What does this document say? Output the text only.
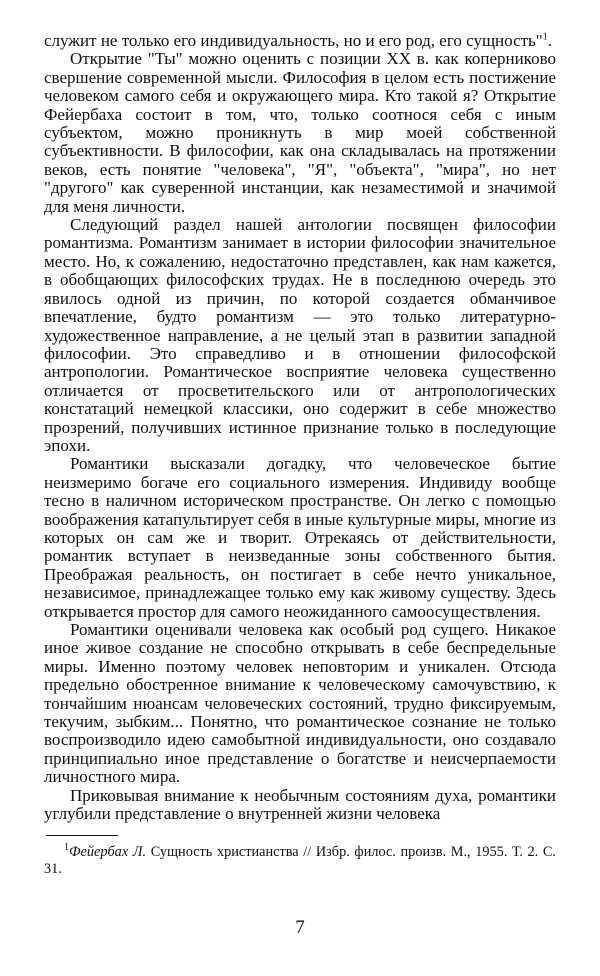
служит не только его индивидуальность, но и его род, его сущность"$^1$.

Открытие "Ты" можно оценить с позиции XX в. как коперниково свершение современной мысли. Философия в целом есть постижение человеком самого себя и окружающего мира. Кто такой я? Открытие Фейербаха состоит в том, что, только соотнося себя с иным субъектом, можно проникнуть в мир моей собственной субъективности. В философии, как она складывалась на протяжении веков, есть понятие "человека", "Я", "объекта", "мира", но нет "другого" как суверенной инстанции, как незаместимой и значимой для меня личности.

Следующий раздел нашей антологии посвящен философии романтизма. Романтизм занимает в истории философии значительное место. Но, к сожалению, недостаточно представлен, как нам кажется, в обобщающих философских трудах. Не в последнюю очередь это явилось одной из причин, по которой создается обманчивое впечатление, будто романтизм — это только литературно-художественное направление, а не целый этап в развитии западной философии. Это справедливо и в отношении философской антропологии. Романтическое восприятие человека существенно отличается от просветительского или от антропологических констатаций немецкой классики, оно содержит в себе множество прозрений, получивших истинное признание только в последующие эпохи.

Романтики высказали догадку, что человеческое бытие неизмеримо богаче его социального измерения. Индивиду вообще тесно в наличном историческом пространстве. Он легко с помощью воображения катапультирует себя в иные культурные миры, многие из которых он сам же и творит. Отрекаясь от действительности, романтик вступает в неизведанные зоны собственного бытия. Преображая реальность, он постигает в себе нечто уникальное, независимое, принадлежащее только ему как живому существу. Здесь открывается простор для самого неожиданного самоосуществления.

Романтики оценивали человека как особый род сущего. Никакое иное живое создание не способно открывать в себе беспредельные миры. Именно поэтому человек неповторим и уникален. Отсюда предельно обостренное внимание к человеческому самочувствию, к тончайшим нюансам человеческих состояний, трудно фиксируемым, текучим, зыбким... Понятно, что романтическое сознание не только воспроизводило идею самобытной индивидуальности, оно создавало принципиально иное представление о богатстве и неисчерпаемости личностного мира.

Приковывая внимание к необычным состояниям духа, романтики углубили представление о внутренней жизни человека

$^1$Фейербах Л. Сущность христианства // Избр. филос. произв. М., 1955. Т. 2. С. 31.

7
